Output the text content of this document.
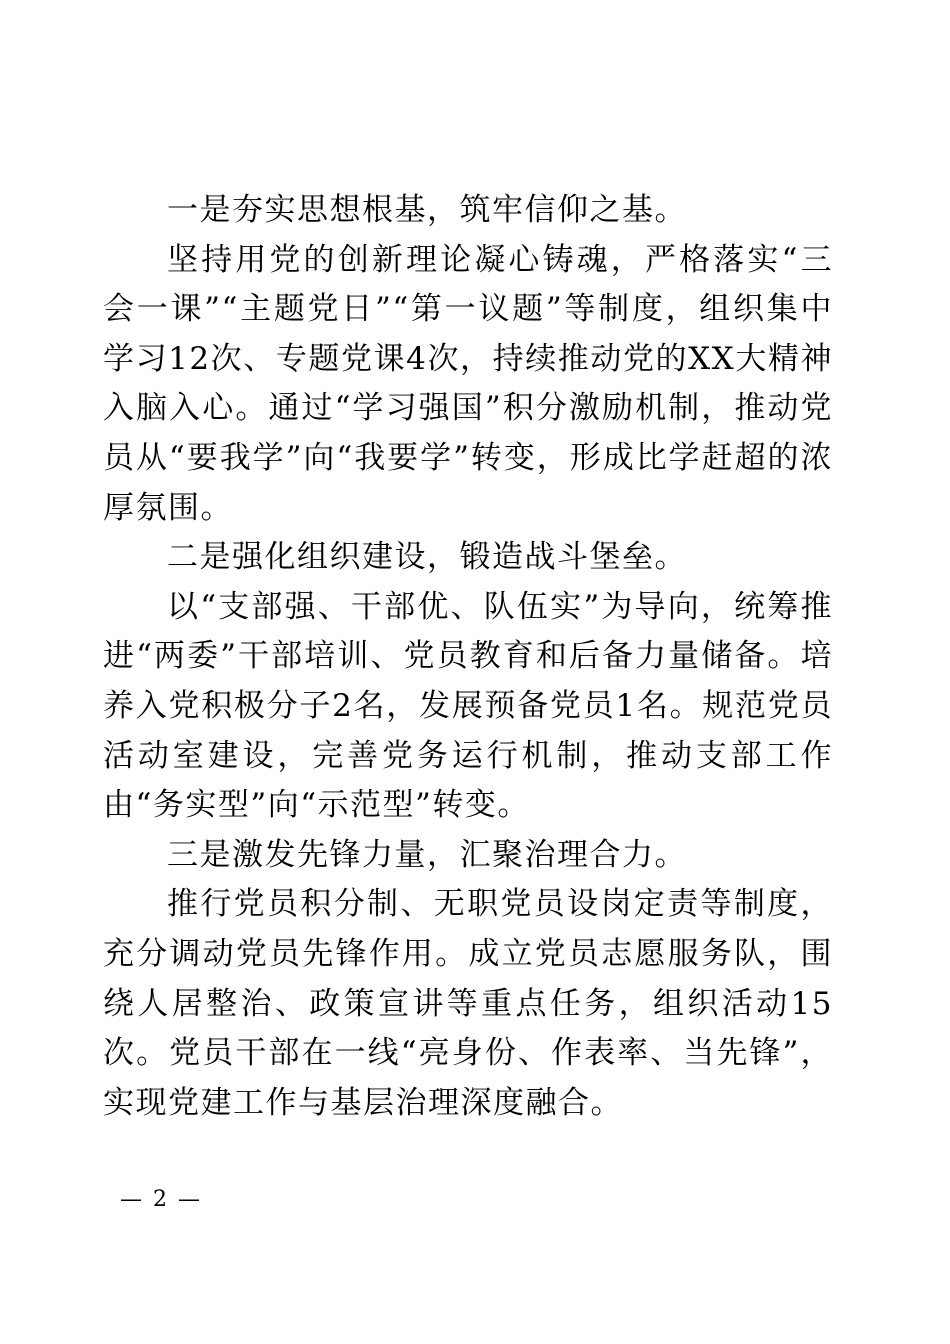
一是夯实思想根基，筑牢信仰之基。

坚持用党的创新理论凝心铸魂，严格落实“三会一课”“主题党日”“第一议题”等制度，组织集中学习12次、专题党课4次，持续推动党的XX大精神入脑入心。通过“学习强国”积分激励机制，推动党员从“要我学”向“我要学”转变，形成比学赶超的浓厚氛围。

二是强化组织建设，锻造战斗堡垒。

以“支部强、干部优、队伍实”为导向，统筹推进“两委”干部培训、党员教育和后备力量储备。培养入党积极分子2名，发展预备党员1名。规范党员活动室建设，完善党务运行机制，推动支部工作由“务实型”向“示范型”转变。

三是激发先锋力量，汇聚治理合力。

推行党员积分制、无职党员设岗定责等制度，充分调动党员先锋作用。成立党员志愿服务队，围绕人居整治、政策宣讲等重点任务，组织活动15次。党员干部在一线“亮身份、作表率、当先锋”，实现党建工作与基层治理深度融合。

— 2 —
